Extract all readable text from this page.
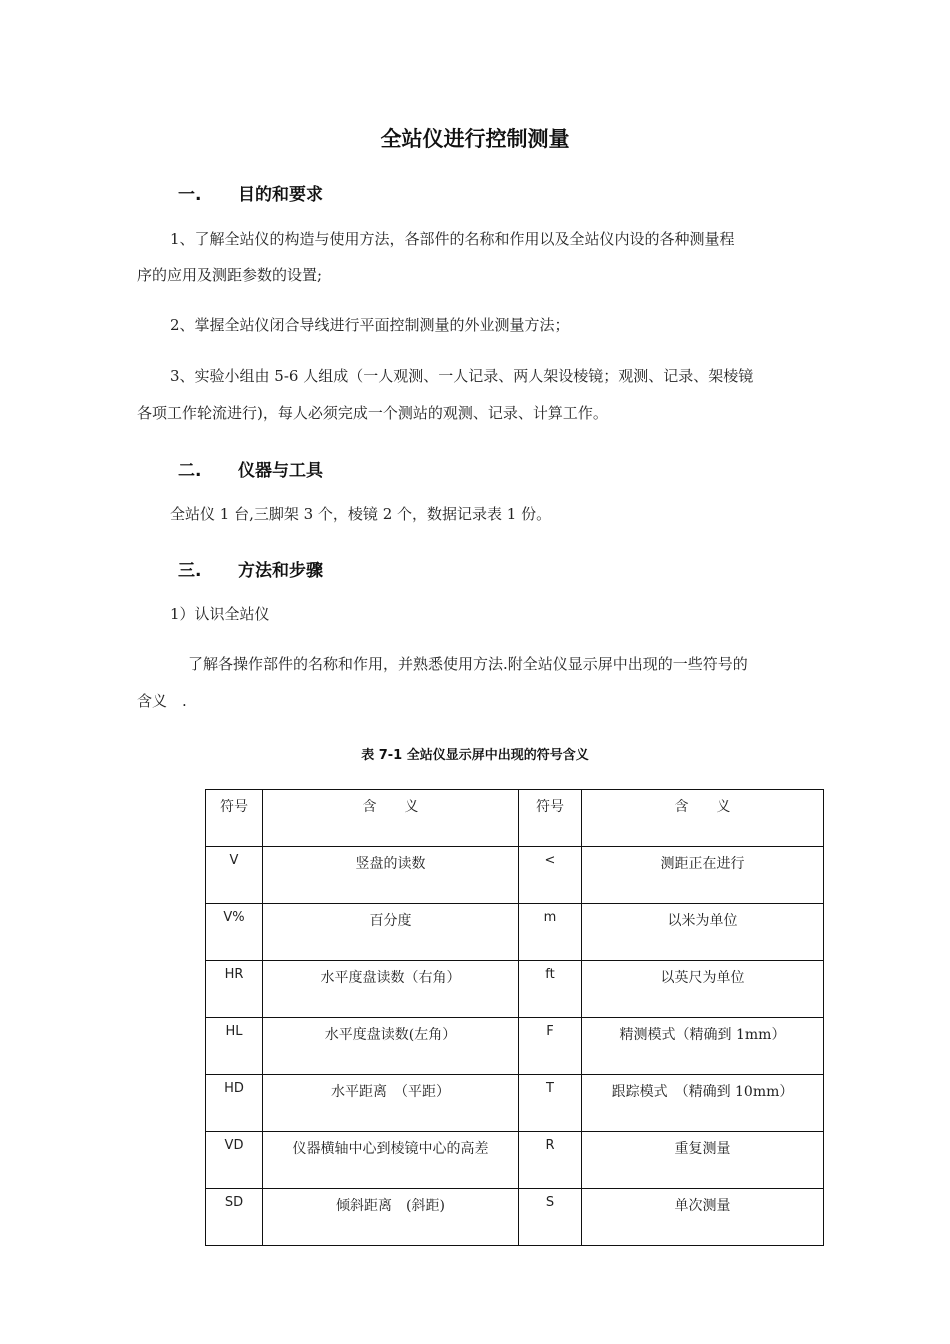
全站仪进行控制测量
一. 目的和要求
1、了解全站仪的构造与使用方法，各部件的名称和作用以及全站仪内设的各种测量程
序的应用及测距参数的设置;
2、掌握全站仪闭合导线进行平面控制测量的外业测量方法；
3、实验小组由 5-6 人组成（一人观测、一人记录、两人架设棱镜；观测、记录、架棱镜
各项工作轮流进行)，每人必须完成一个测站的观测、记录、计算工作。
二. 仪器与工具
全站仪 1 台,三脚架 3 个，棱镜 2 个，数据记录表 1 份。
三. 方法和步骤
1）认识全站仪
了解各操作部件的名称和作用，并熟悉使用方法.附全站仪显示屏中出现的一些符号的
含义　.
表 7-1 全站仪显示屏中出现的符号含义
符号	含　　义	符号	含　　义
V	竖盘的读数	<	测距正在进行
V%	百分度	m	以米为单位
HR	水平度盘读数（右角）	ft	以英尺为单位
HL	水平度盘读数(左角）	F	精测模式（精确到 1mm）
HD	水平距离　（平距）	T	跟踪模式　（精确到 10mm）
VD	仪器横轴中心到棱镜中心的高差	R	重复测量
SD	倾斜距离　(斜距)	S	单次测量
